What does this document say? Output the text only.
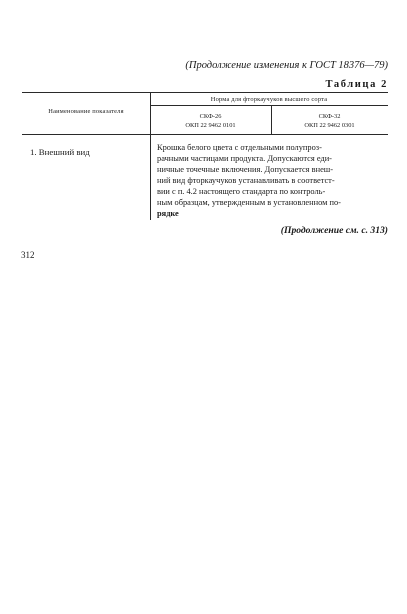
(Продолжение изменения к ГОСТ 18376—79)
Таблица 2
Наименование показателя
Норма для фторкаучуков высшего сорта
СКФ-26
ОКП 22 9462 0101
СКФ-32
ОКП 22 9462 0301
1. Внешний вид	Крошка белого цвета с отдельными полупроз-
рачными частицами продукта. Допускаются еди-
ничные точечные включения. Допускается внеш-
ний вид фторкаучуков устанавливать в соответст-
вии с п. 4.2 настоящего стандарта по контроль-
ным образцам, утвержденным в установленном по-
рядке
(Продолжение см. с. 313)
312
